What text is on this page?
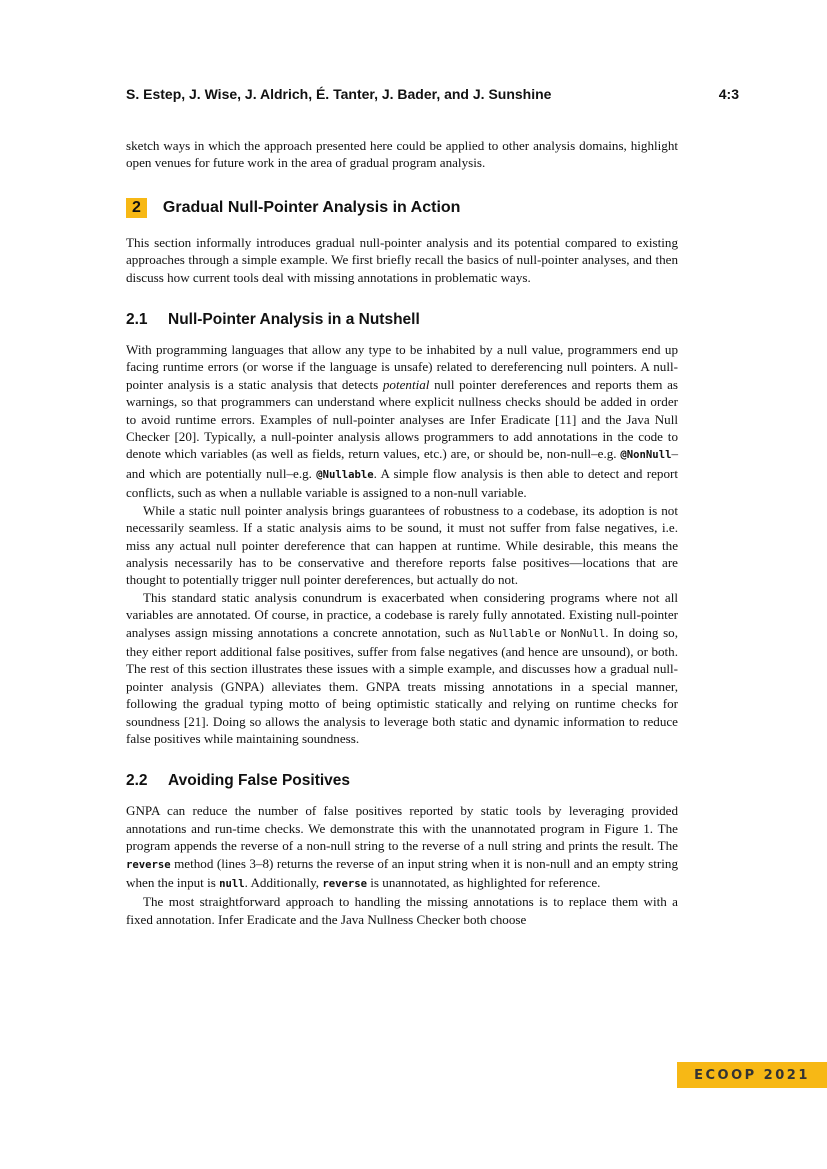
S. Estep, J. Wise, J. Aldrich, É. Tanter, J. Bader, and J. Sunshine	4:3

sketch ways in which the approach presented here could be applied to other analysis domains, highlight open venues for future work in the area of gradual program analysis.

2	Gradual Null-Pointer Analysis in Action

This section informally introduces gradual null-pointer analysis and its potential compared to existing approaches through a simple example. We first briefly recall the basics of null-pointer analyses, and then discuss how current tools deal with missing annotations in problematic ways.

2.1	Null-Pointer Analysis in a Nutshell

With programming languages that allow any type to be inhabited by a null value, programmers end up facing runtime errors (or worse if the language is unsafe) related to dereferencing null pointers. A null-pointer analysis is a static analysis that detects potential null pointer dereferences and reports them as warnings, so that programmers can understand where explicit nullness checks should be added in order to avoid runtime errors. Examples of null-pointer analyses are Infer Eradicate [11] and the Java Null Checker [20]. Typically, a null-pointer analysis allows programmers to add annotations in the code to denote which variables (as well as fields, return values, etc.) are, or should be, non-null–e.g. @NonNull–and which are potentially null–e.g. @Nullable. A simple flow analysis is then able to detect and report conflicts, such as when a nullable variable is assigned to a non-null variable.

While a static null pointer analysis brings guarantees of robustness to a codebase, its adoption is not necessarily seamless. If a static analysis aims to be sound, it must not suffer from false negatives, i.e. miss any actual null pointer dereference that can happen at runtime. While desirable, this means the analysis necessarily has to be conservative and therefore reports false positives—locations that are thought to potentially trigger null pointer dereferences, but actually do not.

This standard static analysis conundrum is exacerbated when considering programs where not all variables are annotated. Of course, in practice, a codebase is rarely fully annotated. Existing null-pointer analyses assign missing annotations a concrete annotation, such as Nullable or NonNull. In doing so, they either report additional false positives, suffer from false negatives (and hence are unsound), or both. The rest of this section illustrates these issues with a simple example, and discusses how a gradual null-pointer analysis (GNPA) alleviates them. GNPA treats missing annotations in a special manner, following the gradual typing motto of being optimistic statically and relying on runtime checks for soundness [21]. Doing so allows the analysis to leverage both static and dynamic information to reduce false positives while maintaining soundness.

2.2	Avoiding False Positives

GNPA can reduce the number of false positives reported by static tools by leveraging provided annotations and run-time checks. We demonstrate this with the unannotated program in Figure 1. The program appends the reverse of a non-null string to the reverse of a null string and prints the result. The reverse method (lines 3–8) returns the reverse of an input string when it is non-null and an empty string when the input is null. Additionally, reverse is unannotated, as highlighted for reference.

The most straightforward approach to handling the missing annotations is to replace them with a fixed annotation. Infer Eradicate and the Java Nullness Checker both choose

ECOOP 2021
